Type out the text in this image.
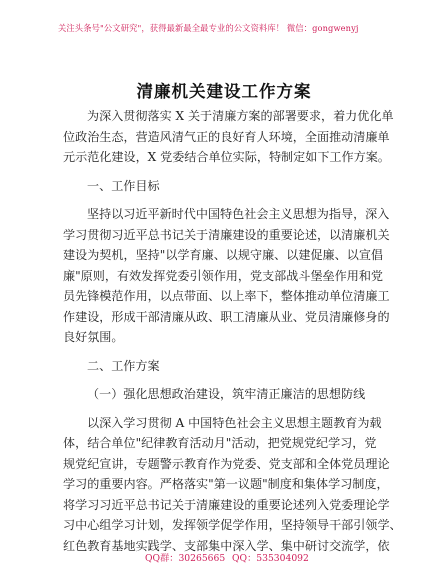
关注头条号"公文研究"，获得最新最全最专业的公文资料库！ 微信：gongwenyj
清廉机关建设工作方案
为深入贯彻落实 X 关于清廉方案的部署要求，着力优化单
位政治生态，营造风清气正的良好育人环境，全面推动清廉单
元示范化建设，X 党委结合单位实际，特制定如下工作方案。
一、工作目标
坚持以习近平新时代中国特色社会主义思想为指导，深入
学习贯彻习近平总书记关于清廉建设的重要论述，以清廉机关
建设为契机，坚持"以学育廉、以规守廉、以建促廉、以宣倡
廉"原则，有效发挥党委引领作用，党支部战斗堡垒作用和党
员先锋模范作用，以点带面、以上率下，整体推动单位清廉工
作建设，形成干部清廉从政、职工清廉从业、党员清廉修身的
良好氛围。
二、工作方案
（一）强化思想政治建设，筑牢清正廉洁的思想防线
以深入学习贯彻 A 中国特色社会主义思想主题教育为载
体，结合单位"纪律教育活动月"活动，把党规党纪学习，党
规党纪宣讲，专题警示教育作为党委、党支部和全体党员理论
学习的重要内容。严格落实"第一议题"制度和集体学习制度，
将学习习近平总书记关于清廉建设的重要论述列入党委理论学
习中心组学习计划，发挥领学促学作用，坚持领导干部引领学、
红色教育基地实践学、支部集中深入学、集中研讨交流学，依
QQ群：30265665 QQ：535304092
